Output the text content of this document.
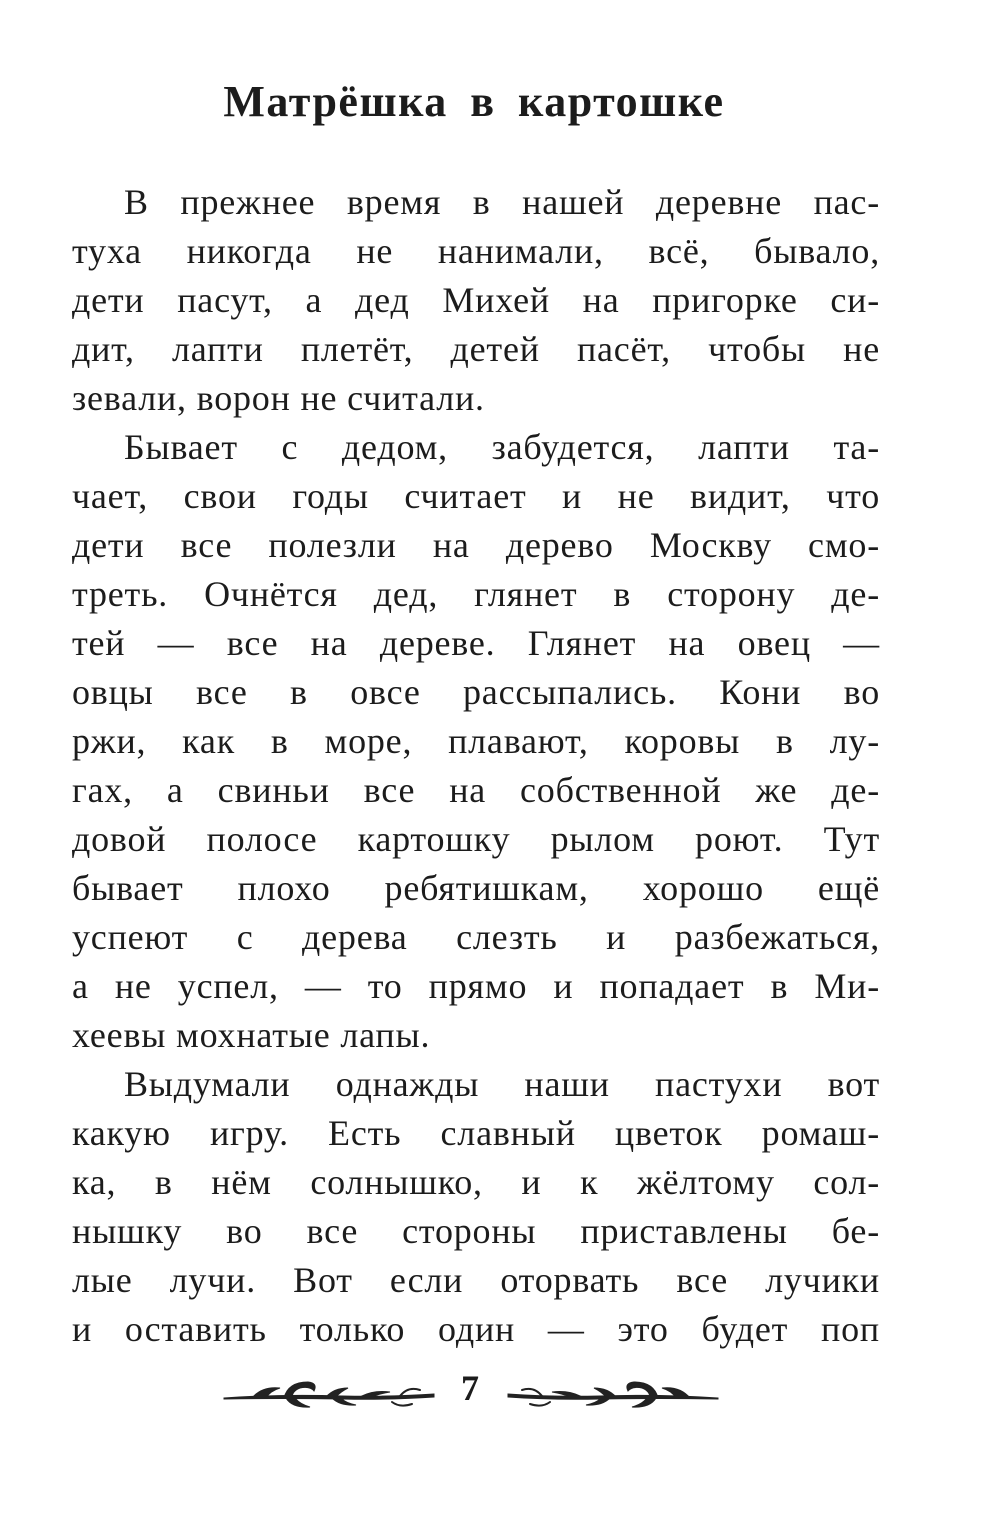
Матрёшка в картошке
В прежнее время в нашей деревне пас-
туха никогда не нанимали, всё, бывало,
дети пасут, а дед Михей на пригорке си-
дит, лапти плетёт, детей пасёт, чтобы не
зевали, ворон не считали.
Бывает с дедом, забудется, лапти та-
чает, свои годы считает и не видит, что
дети все полезли на дерево Москву смо-
треть. Очнётся дед, глянет в сторону де-
тей — все на дереве. Глянет на овец —
овцы все в овсе рассыпались. Кони во
ржи, как в море, плавают, коровы в лу-
гах, а свиньи все на собственной же де-
довой полосе картошку рылом роют. Тут
бывает плохо ребятишкам, хорошо ещё
успеют с дерева слезть и разбежаться,
а не успел, — то прямо и попадает в Ми-
хеевы мохнатые лапы.
Выдумали однажды наши пастухи вот
какую игру. Есть славный цветок ромаш-
ка, в нём солнышко, и к жёлтому сол-
нышку во все стороны приставлены бе-
лые лучи. Вот если оторвать все лучики
и оставить только один — это будет поп
7
